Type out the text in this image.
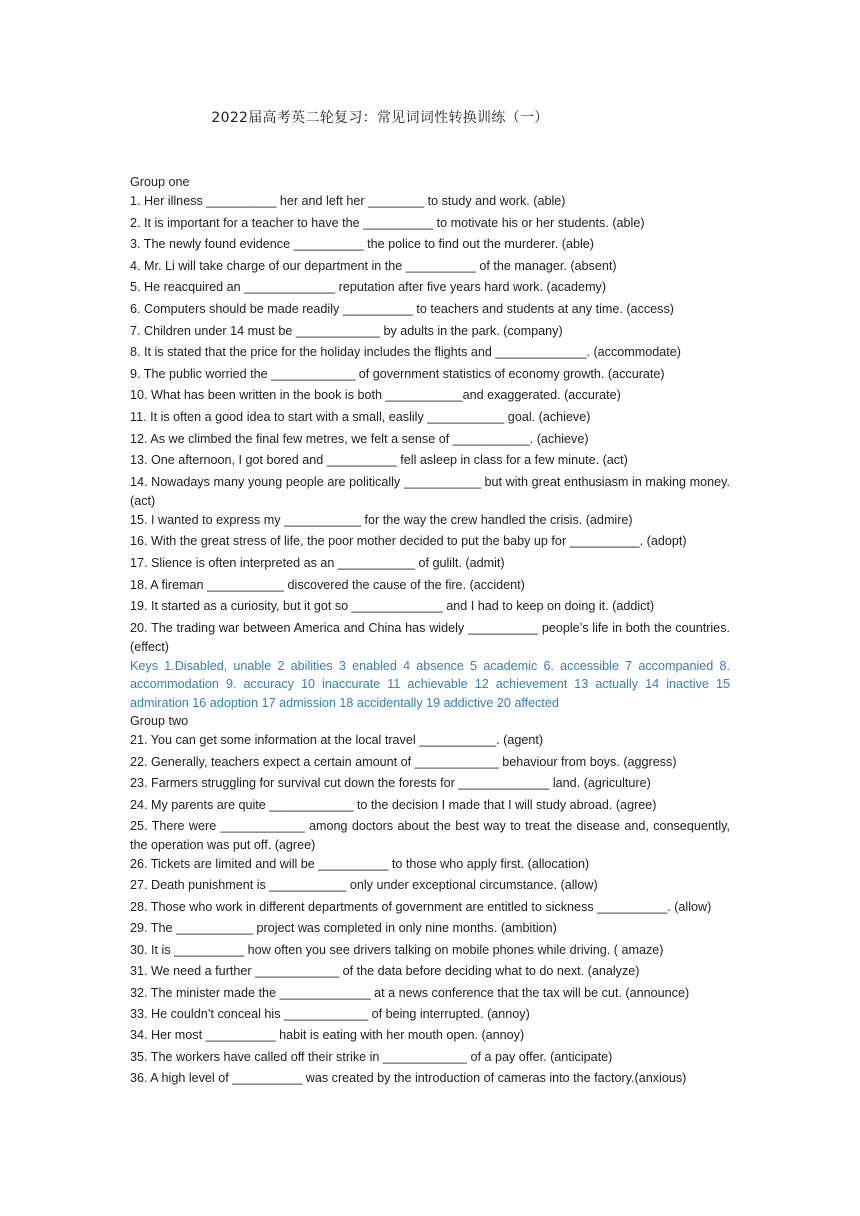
2022届高考英二轮复习：常见词词性转换训练（一）
Group one
1. Her illness __________ her and left her ________ to study and work. (able)
2. It is important for a teacher to have the __________ to motivate his or her students. (able)
3. The newly found evidence __________ the police to find out the murderer. (able)
4. Mr. Li will take charge of our department in the __________ of the manager. (absent)
5. He reacquired an _____________ reputation after five years hard work. (academy)
6. Computers should be made readily __________ to teachers and students at any time. (access)
7. Children under 14 must be ____________ by adults in the park. (company)
8. It is stated that the price for the holiday includes the flights and _____________. (accommodate)
9. The public worried the ____________ of government statistics of economy growth. (accurate)
10. What has been written in the book is both ___________and exaggerated. (accurate)
11. It is often a good idea to start with a small, easlily ___________ goal. (achieve)
12. As we climbed the final few metres, we felt a sense of ___________. (achieve)
13. One afternoon, I got bored and __________ fell asleep in class for a few minute. (act)
14. Nowadays many young people are politically ___________ but with great enthusiasm in making money. (act)
15. I wanted to express my ___________ for the way the crew handled the crisis. (admire)
16. With the great stress of life, the poor mother decided to put the baby up for __________. (adopt)
17. Slience is often interpreted as an ___________ of gulilt. (admit)
18. A fireman ___________ discovered the cause of the fire. (accident)
19. It started as a curiosity, but it got so _____________ and I had to keep on doing it. (addict)
20. The trading war between America and China has widely __________ people’s life in both the countries.(effect)
Keys 1.Disabled, unable 2 abilities 3 enabled 4 absence 5 academic 6. accessible 7 accompanied 8. accommodation 9. accuracy 10 inaccurate 11 achievable 12 achievement 13 actually 14 inactive 15 admiration 16 adoption 17 admission 18 accidentally 19 addictive 20 affected
Group two
21. You can get some information at the local travel ___________. (agent)
22. Generally, teachers expect a certain amount of ____________ behaviour from boys. (aggress)
23. Farmers struggling for survival cut down the forests for _____________ land. (agriculture)
24. My parents are quite ____________ to the decision I made that I will study abroad. (agree)
25. There were ____________ among doctors about the best way to treat the disease and, consequently, the operation was put off. (agree)
26. Tickets are limited and will be __________ to those who apply first. (allocation)
27. Death punishment is ___________ only under exceptional circumstance. (allow)
28. Those who work in different departments of government are entitled to sickness __________. (allow)
29. The ___________ project was completed in only nine months. (ambition)
30. It is __________ how often you see drivers talking on mobile phones while driving. ( amaze)
31. We need a further ____________ of the data before deciding what to do next. (analyze)
32. The minister made the _____________ at a news conference that the tax will be cut. (announce)
33. He couldn’t conceal his ____________ of being interrupted. (annoy)
34. Her most __________ habit is eating with her mouth open. (annoy)
35. The workers have called off their strike in ____________ of a pay offer. (anticipate)
36. A high level of __________ was created by the introduction of cameras into the factory.(anxious)
